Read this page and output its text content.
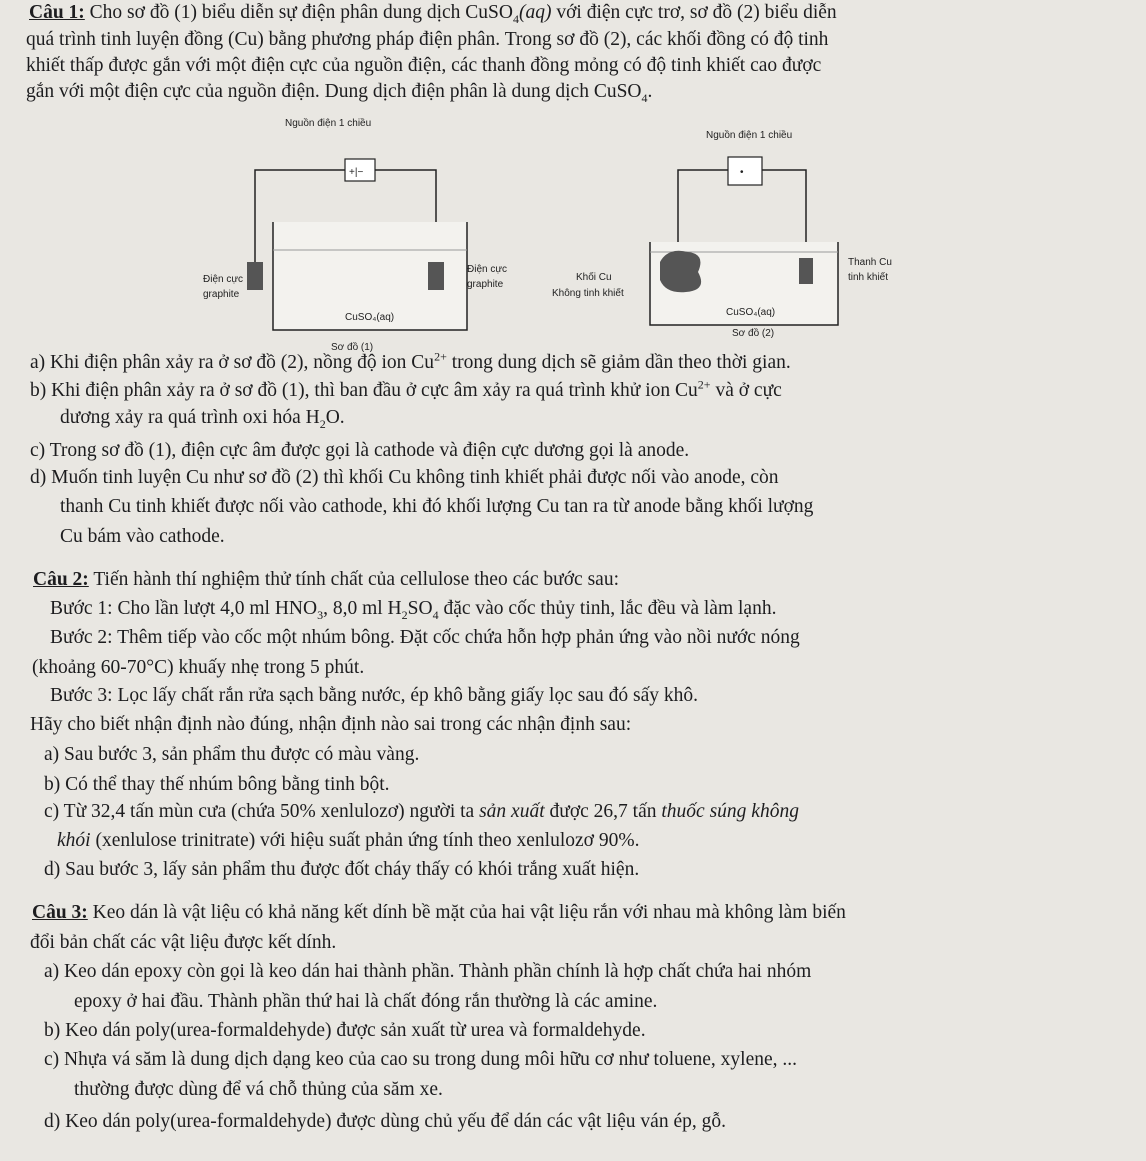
Câu 1: Cho sơ đồ (1) biểu diễn sự điện phân dung dịch CuSO$_4$(aq) với điện cực trơ, sơ đồ (2) biểu diễn
quá trình tinh luyện đồng (Cu) bằng phương pháp điện phân. Trong sơ đồ (2), các khối đồng có độ tinh
khiết thấp được gắn với một điện cực của nguồn điện, các thanh đồng mỏng có độ tinh khiết cao được
gắn với một điện cực của nguồn điện. Dung dịch điện phân là dung dịch CuSO$_4$.
Nguồn điện 1 chiều
+|−
Điện cực
graphite
Điện cực
graphite
CuSO₄(aq)
Sơ đồ (1)
Nguồn điện 1 chiều
•
Khối Cu
Không tinh khiết
Thanh Cu
tinh khiết
CuSO₄(aq)
Sơ đồ (2)
a) Khi điện phân xảy ra ở sơ đồ (2), nồng độ ion $Cu^{2+}$ trong dung dịch sẽ giảm dần theo thời gian.
b) Khi điện phân xảy ra ở sơ đồ (1), thì ban đầu ở cực âm xảy ra quá trình khử ion $Cu^{2+}$ và ở cực
dương xảy ra quá trình oxi hóa $H_2O$.
c) Trong sơ đồ (1), điện cực âm được gọi là cathode và điện cực dương gọi là anode.
d) Muốn tinh luyện Cu như sơ đồ (2) thì khối Cu không tinh khiết phải được nối vào anode, còn
thanh Cu tinh khiết được nối vào cathode, khi đó khối lượng Cu tan ra từ anode bằng khối lượng
Cu bám vào cathode.
Câu 2: Tiến hành thí nghiệm thử tính chất của cellulose theo các bước sau:
Bước 1: Cho lần lượt 4,0 ml $HNO_3$, 8,0 ml $H_2SO_4$ đặc vào cốc thủy tinh, lắc đều và làm lạnh.
Bước 2: Thêm tiếp vào cốc một nhúm bông. Đặt cốc chứa hỗn hợp phản ứng vào nồi nước nóng
(khoảng 60-70°C) khuấy nhẹ trong 5 phút.
Bước 3: Lọc lấy chất rắn rửa sạch bằng nước, ép khô bằng giấy lọc sau đó sấy khô.
Hãy cho biết nhận định nào đúng, nhận định nào sai trong các nhận định sau:
a) Sau bước 3, sản phẩm thu được có màu vàng.
b) Có thể thay thế nhúm bông bằng tinh bột.
c) Từ 32,4 tấn mùn cưa (chứa 50% xenlulozơ) người ta sản xuất được 26,7 tấn thuốc súng không
khói (xenlulose trinitrate) với hiệu suất phản ứng tính theo xenlulozơ 90%.
d) Sau bước 3, lấy sản phẩm thu được đốt cháy thấy có khói trắng xuất hiện.
Câu 3: Keo dán là vật liệu có khả năng kết dính bề mặt của hai vật liệu rắn với nhau mà không làm biến
đổi bản chất các vật liệu được kết dính.
a) Keo dán epoxy còn gọi là keo dán hai thành phần. Thành phần chính là hợp chất chứa hai nhóm
epoxy ở hai đầu. Thành phần thứ hai là chất đóng rắn thường là các amine.
b) Keo dán poly(urea-formaldehyde) được sản xuất từ urea và formaldehyde.
c) Nhựa vá săm là dung dịch dạng keo của cao su trong dung môi hữu cơ như toluene, xylene, ...
thường được dùng để vá chỗ thủng của săm xe.
d) Keo dán poly(urea-formaldehyde) được dùng chủ yếu để dán các vật liệu ván ép, gỗ.
